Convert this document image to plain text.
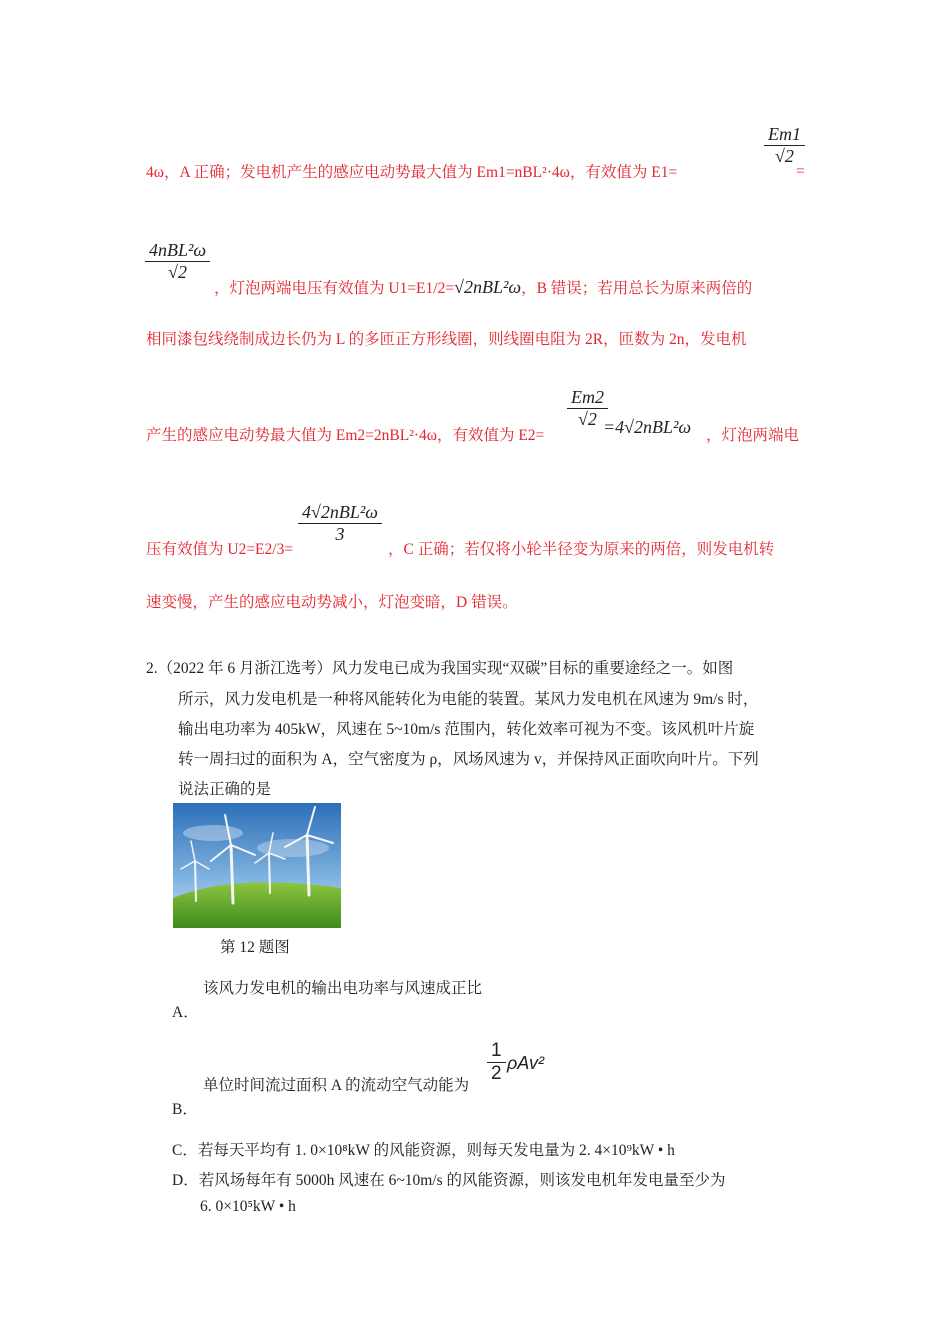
4ω，A 正确；发电机产生的感应电动势最大值为 Em1=nBL²·4ω，有效值为 E1=
$\frac{Em1}{√2}$
=
4nBL²ω
√2
，灯泡两端电压有效值为 U1=E1/2=√2nBL²ω，B 错误；若用总长为原来两倍的
相同漆包线绕制成边长仍为 L 的多匝正方形线圈，则线圈电阻为 2R，匝数为 2n，发电机
$\frac{Em2}{√2}$
产生的感应电动势最大值为 Em2=2nBL²·4ω，有效值为 E2=	=4√2nBL²ω ，灯泡两端电
4√2nBL²ω
3
压有效值为 U2=E2/3=	，C 正确；若仅将小轮半径变为原来的两倍，则发电机转
速变慢，产生的感应电动势减小，灯泡变暗，D 错误。
2.（2022 年 6 月浙江选考）风力发电已成为我国实现“双碳”目标的重要途经之一。如图
所示，风力发电机是一种将风能转化为电能的装置。某风力发电机在风速为 9m/s 时，
输出电功率为 405kW，风速在 5~10m/s 范围内，转化效率可视为不变。该风机叶片旋
转一周扫过的面积为 A，空气密度为 ρ，风场风速为 v，并保持风正面吹向叶片。下列
说法正确的是
第 12 题图
该风力发电机的输出电功率与风速成正比
A．
单位时间流过面积 A 的流动空气动能为
$\frac{1}{2} \rho Av^2$
B．
C．若每天平均有 1. 0×10⁸kW 的风能资源，则每天发电量为 2. 4×10⁹kW • h
D．若风场每年有 5000h 风速在 6~10m/s 的风能资源，则该发电机年发电量至少为
6. 0×10⁵kW • h
